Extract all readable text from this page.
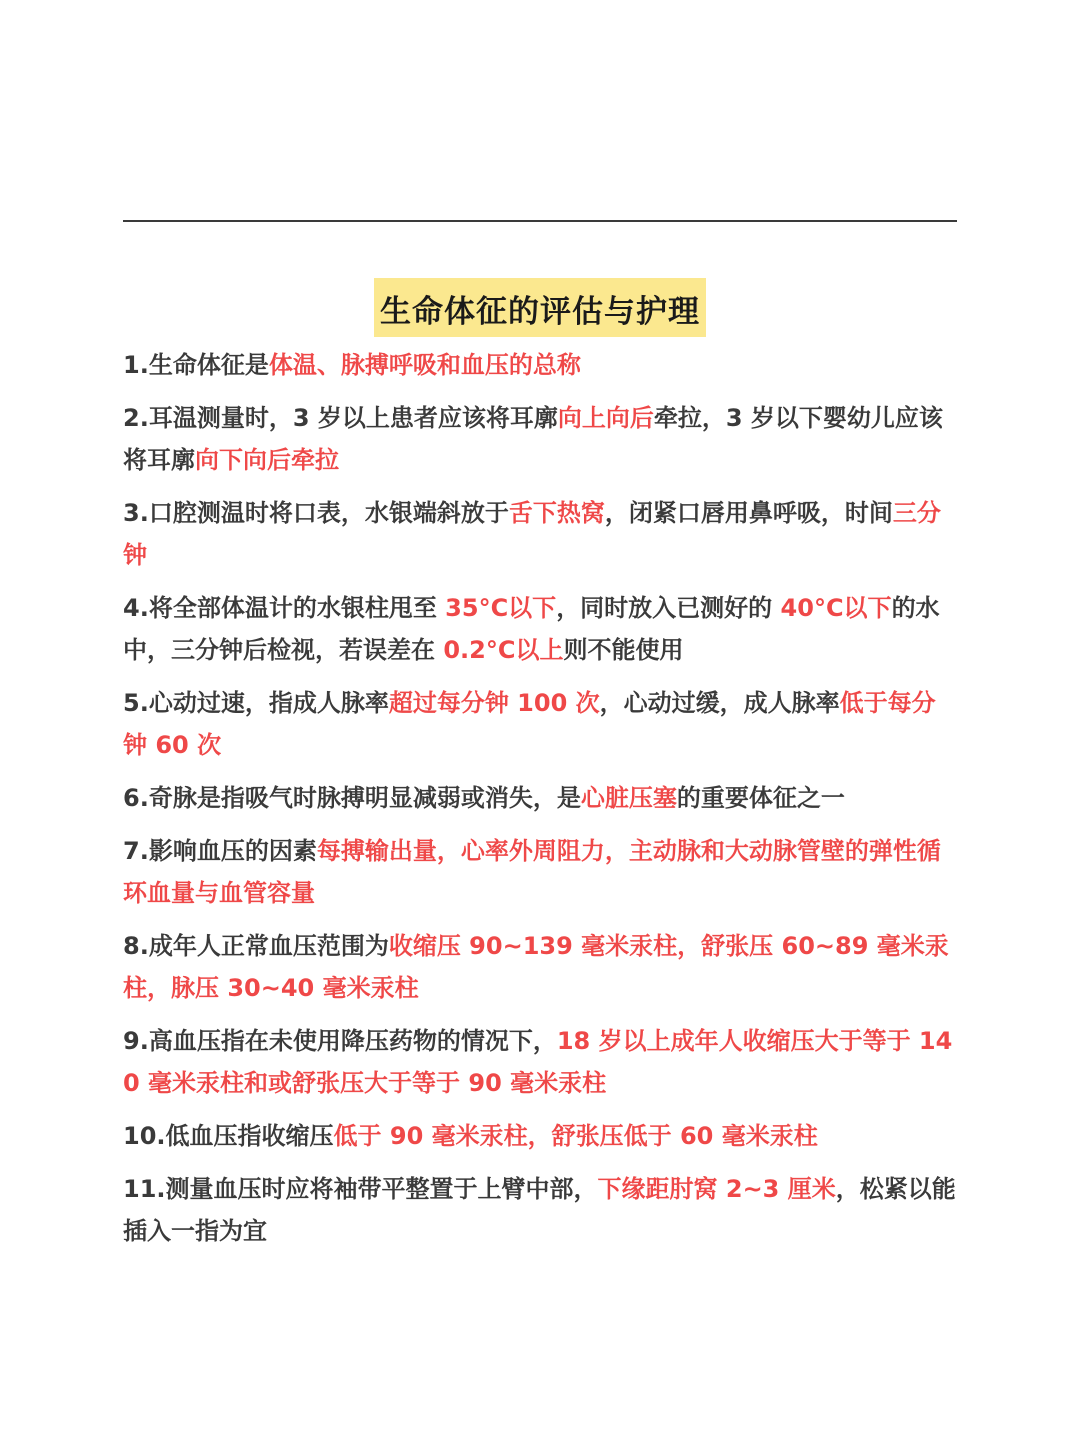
生命体征的评估与护理
1.生命体征是体温、脉搏呼吸和血压的总称
2.耳温测量时，3 岁以上患者应该将耳廓向上向后牵拉，3 岁以下婴幼儿应该将耳廓向下向后牵拉
3.口腔测温时将口表，水银端斜放于舌下热窝，闭紧口唇用鼻呼吸，时间三分钟
4.将全部体温计的水银柱甩至 35°C以下，同时放入已测好的 40°C以下的水中，三分钟后检视，若误差在 0.2°C以上则不能使用
5.心动过速，指成人脉率超过每分钟 100 次，心动过缓，成人脉率低于每分钟 60 次
6.奇脉是指吸气时脉搏明显减弱或消失，是心脏压塞的重要体征之一
7.影响血压的因素每搏输出量，心率外周阻力，主动脉和大动脉管壁的弹性循环血量与血管容量
8.成年人正常血压范围为收缩压 90~139 毫米汞柱，舒张压 60~89 毫米汞柱，脉压 30~40 毫米汞柱
9.高血压指在未使用降压药物的情况下，18 岁以上成年人收缩压大于等于 140 毫米汞柱和或舒张压大于等于 90 毫米汞柱
10.低血压指收缩压低于 90 毫米汞柱，舒张压低于 60 毫米汞柱
11.测量血压时应将袖带平整置于上臂中部，下缘距肘窝 2~3 厘米，松紧以能插入一指为宜
